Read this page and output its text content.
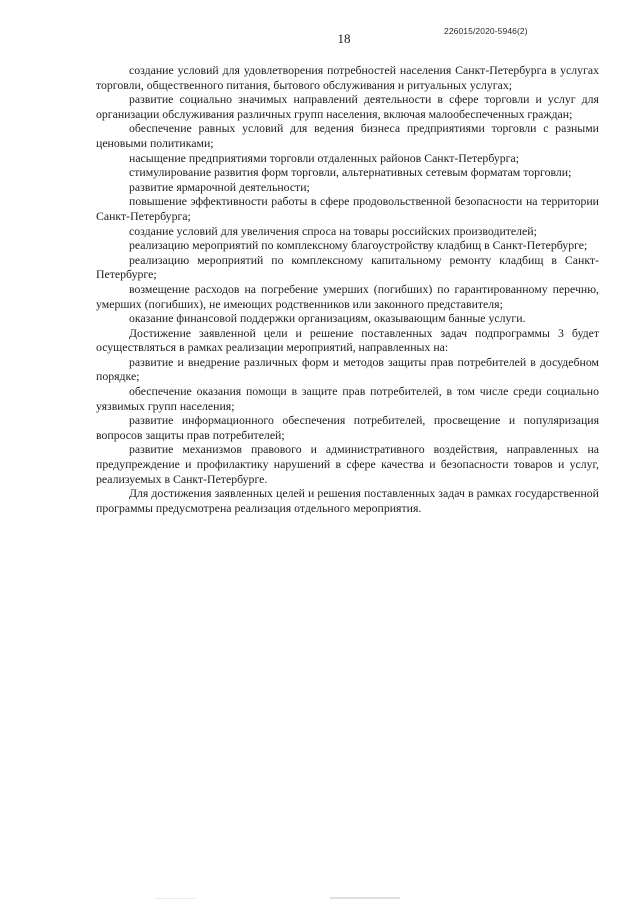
226015/2020-5946(2)
18

создание условий для удовлетворения потребностей населения Санкт-Петербурга в услугах торговли, общественного питания, бытового обслуживания и ритуальных услугах;

развитие социально значимых направлений деятельности в сфере торговли и услуг для организации обслуживания различных групп населения, включая малообеспеченных граждан;

обеспечение равных условий для ведения бизнеса предприятиями торговли с разными ценовыми политиками;

насыщение предприятиями торговли отдаленных районов Санкт-Петербурга;

стимулирование развития форм торговли, альтернативных сетевым форматам торговли;

развитие ярмарочной деятельности;

повышение эффективности работы в сфере продовольственной безопасности на территории Санкт-Петербурга;

создание условий для увеличения спроса на товары российских производителей;

реализацию мероприятий по комплексному благоустройству кладбищ в Санкт-Петербурге;

реализацию мероприятий по комплексному капитальному ремонту кладбищ в Санкт-Петербурге;

возмещение расходов на погребение умерших (погибших) по гарантированному перечню, умерших (погибших), не имеющих родственников или законного представителя;

оказание финансовой поддержки организациям, оказывающим банные услуги.

Достижение заявленной цели и решение поставленных задач подпрограммы 3 будет осуществляться в рамках реализации мероприятий, направленных на:

развитие и внедрение различных форм и методов защиты прав потребителей в досудебном порядке;

обеспечение оказания помощи в защите прав потребителей, в том числе среди социально уязвимых групп населения;

развитие информационного обеспечения потребителей, просвещение и популяризация вопросов защиты прав потребителей;

развитие механизмов правового и административного воздействия, направленных на предупреждение и профилактику нарушений в сфере качества и безопасности товаров и услуг, реализуемых в Санкт-Петербурге.

Для достижения заявленных целей и решения поставленных задач в рамках государственной программы предусмотрена реализация отдельного мероприятия.
